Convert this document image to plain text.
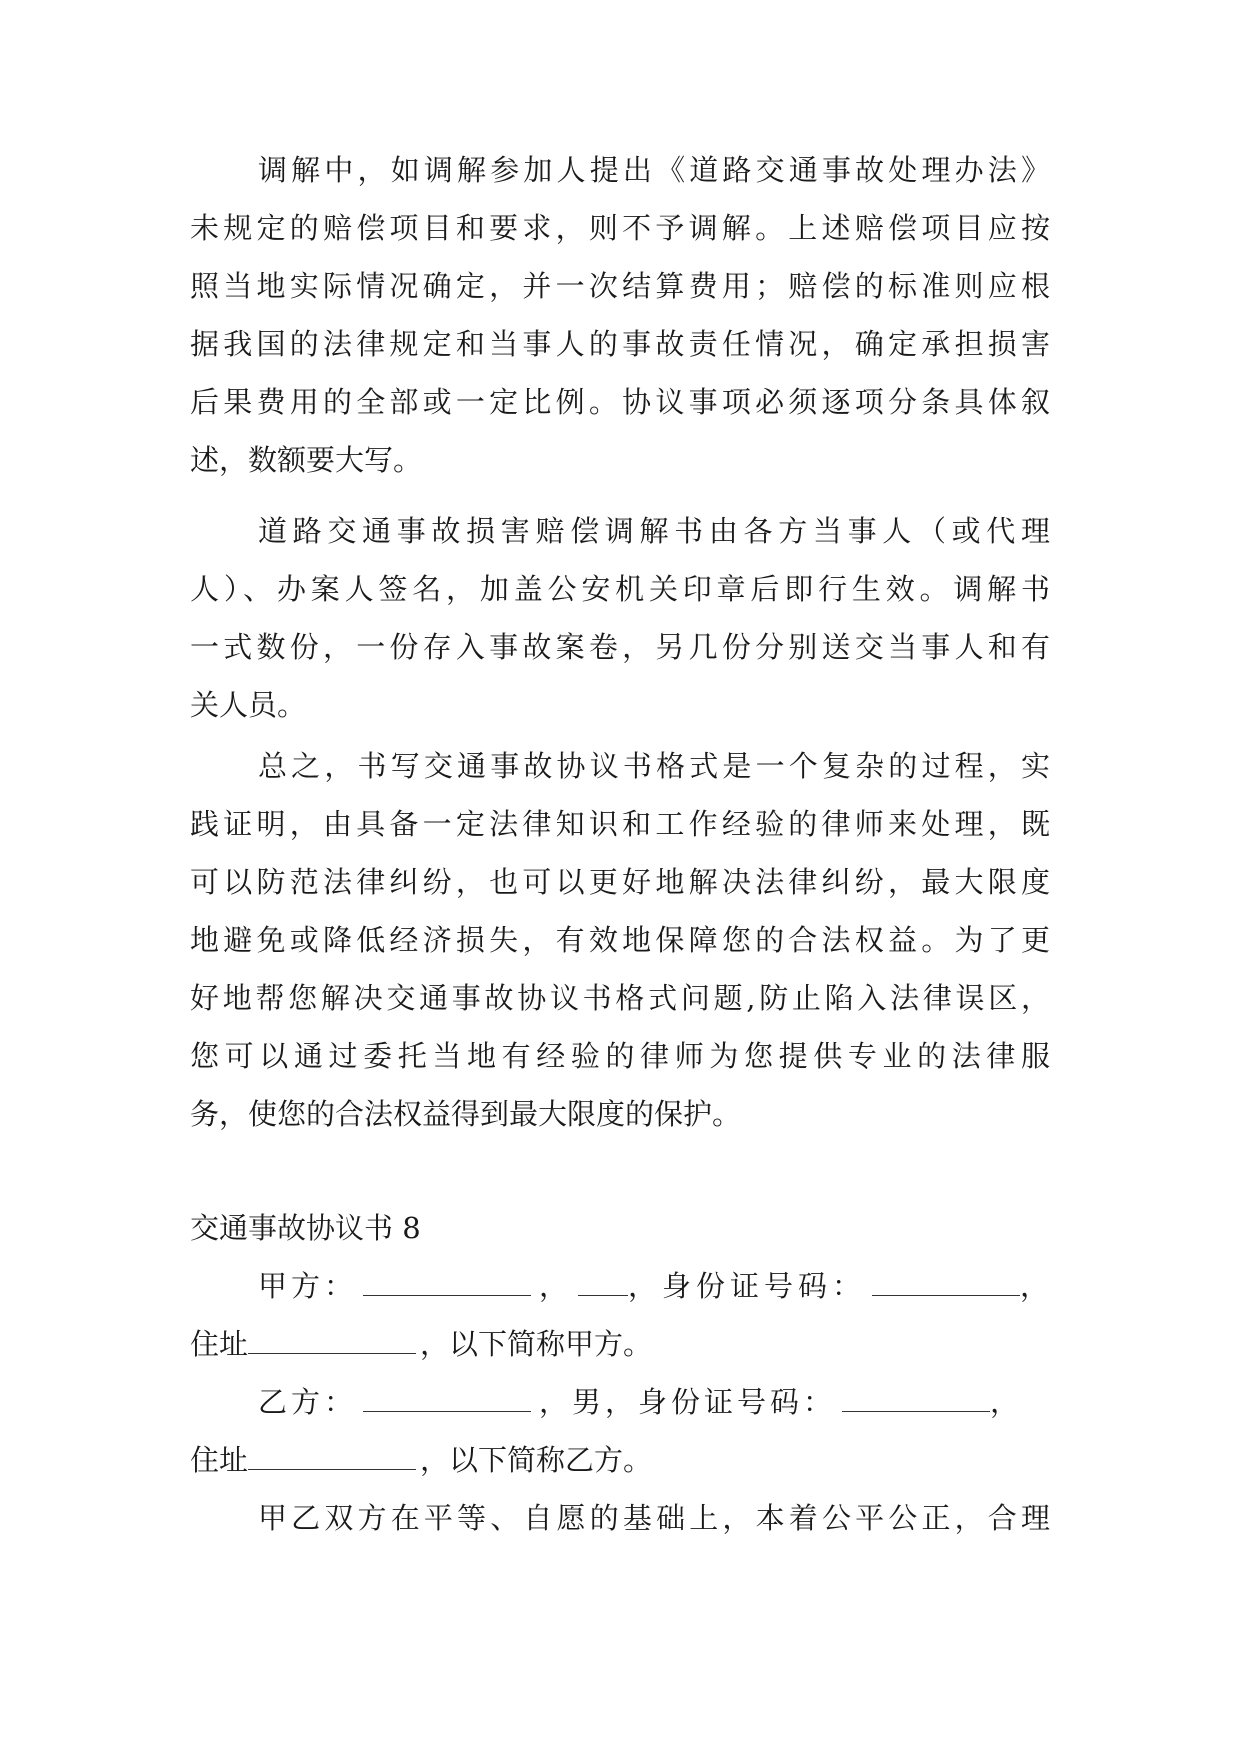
调解中，如调解参加人提出《道路交通事故处理办法》
未规定的赔偿项目和要求，则不予调解。上述赔偿项目应按
照当地实际情况确定，并一次结算费用；赔偿的标准则应根
据我国的法律规定和当事人的事故责任情况，确定承担损害
后果费用的全部或一定比例。协议事项必须逐项分条具体叙
述，数额要大写。
道路交通事故损害赔偿调解书由各方当事人（或代理
人）、办案人签名，加盖公安机关印章后即行生效。调解书
一式数份，一份存入事故案卷，另几份分别送交当事人和有
关人员。
总之，书写交通事故协议书格式是一个复杂的过程，实
践证明，由具备一定法律知识和工作经验的律师来处理，既
可以防范法律纠纷，也可以更好地解决法律纠纷，最大限度
地避免或降低经济损失，有效地保障您的合法权益。为了更
好地帮您解决交通事故协议书格式问题,防止陷入法律误区，
您可以通过委托当地有经验的律师为您提供专业的法律服
务，使您的合法权益得到最大限度的保护。
交通事故协议书 8
甲方：	， ，身份证号码：	，
住址	，以下简称甲方。
乙方：	，男，身份证号码：	，
住址	，以下简称乙方。
甲乙双方在平等、自愿的基础上，本着公平公正，合理
